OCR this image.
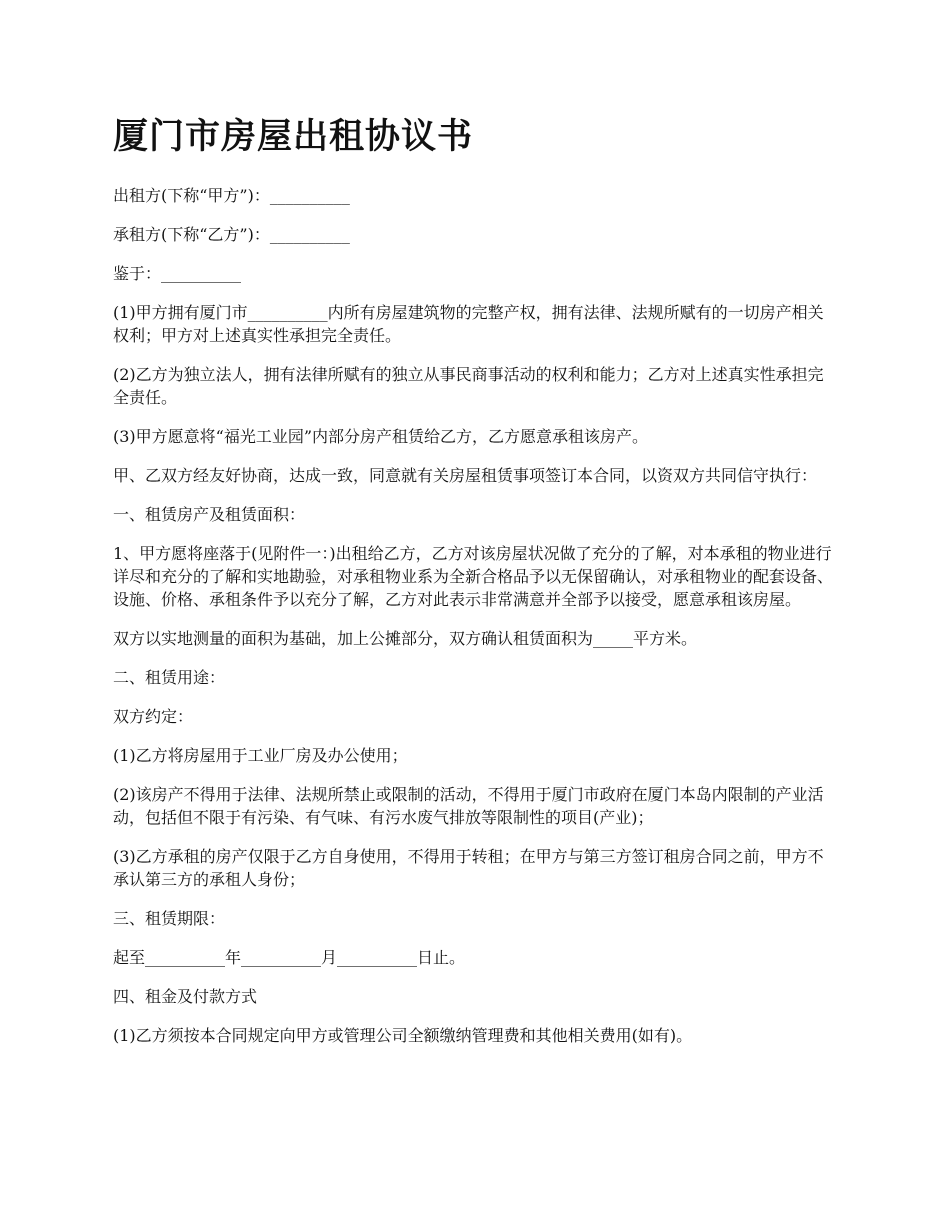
厦门市房屋出租协议书

出租方(下称“甲方”)：__________

承租方(下称“乙方”)：__________

鉴于：__________

(1)甲方拥有厦门市__________内所有房屋建筑物的完整产权，拥有法律、法规所赋有的一切房产相关权利；甲方对上述真实性承担完全责任。

(2)乙方为独立法人，拥有法律所赋有的独立从事民商事活动的权利和能力；乙方对上述真实性承担完全责任。

(3)甲方愿意将“福光工业园”内部分房产租赁给乙方，乙方愿意承租该房产。

甲、乙双方经友好协商，达成一致，同意就有关房屋租赁事项签订本合同，以资双方共同信守执行：

一、租赁房产及租赁面积：

1、甲方愿将座落于(见附件一：)出租给乙方，乙方对该房屋状况做了充分的了解，对本承租的物业进行详尽和充分的了解和实地勘验，对承租物业系为全新合格品予以无保留确认，对承租物业的配套设备、设施、价格、承租条件予以充分了解，乙方对此表示非常满意并全部予以接受，愿意承租该房屋。

双方以实地测量的面积为基础，加上公摊部分，双方确认租赁面积为_____平方米。

二、租赁用途：

双方约定：

(1)乙方将房屋用于工业厂房及办公使用；

(2)该房产不得用于法律、法规所禁止或限制的活动，不得用于厦门市政府在厦门本岛内限制的产业活动，包括但不限于有污染、有气味、有污水废气排放等限制性的项目(产业)；

(3)乙方承租的房产仅限于乙方自身使用，不得用于转租；在甲方与第三方签订租房合同之前，甲方不承认第三方的承租人身份；

三、租赁期限：

起至__________年__________月__________日止。

四、租金及付款方式

(1)乙方须按本合同规定向甲方或管理公司全额缴纳管理费和其他相关费用(如有)。
